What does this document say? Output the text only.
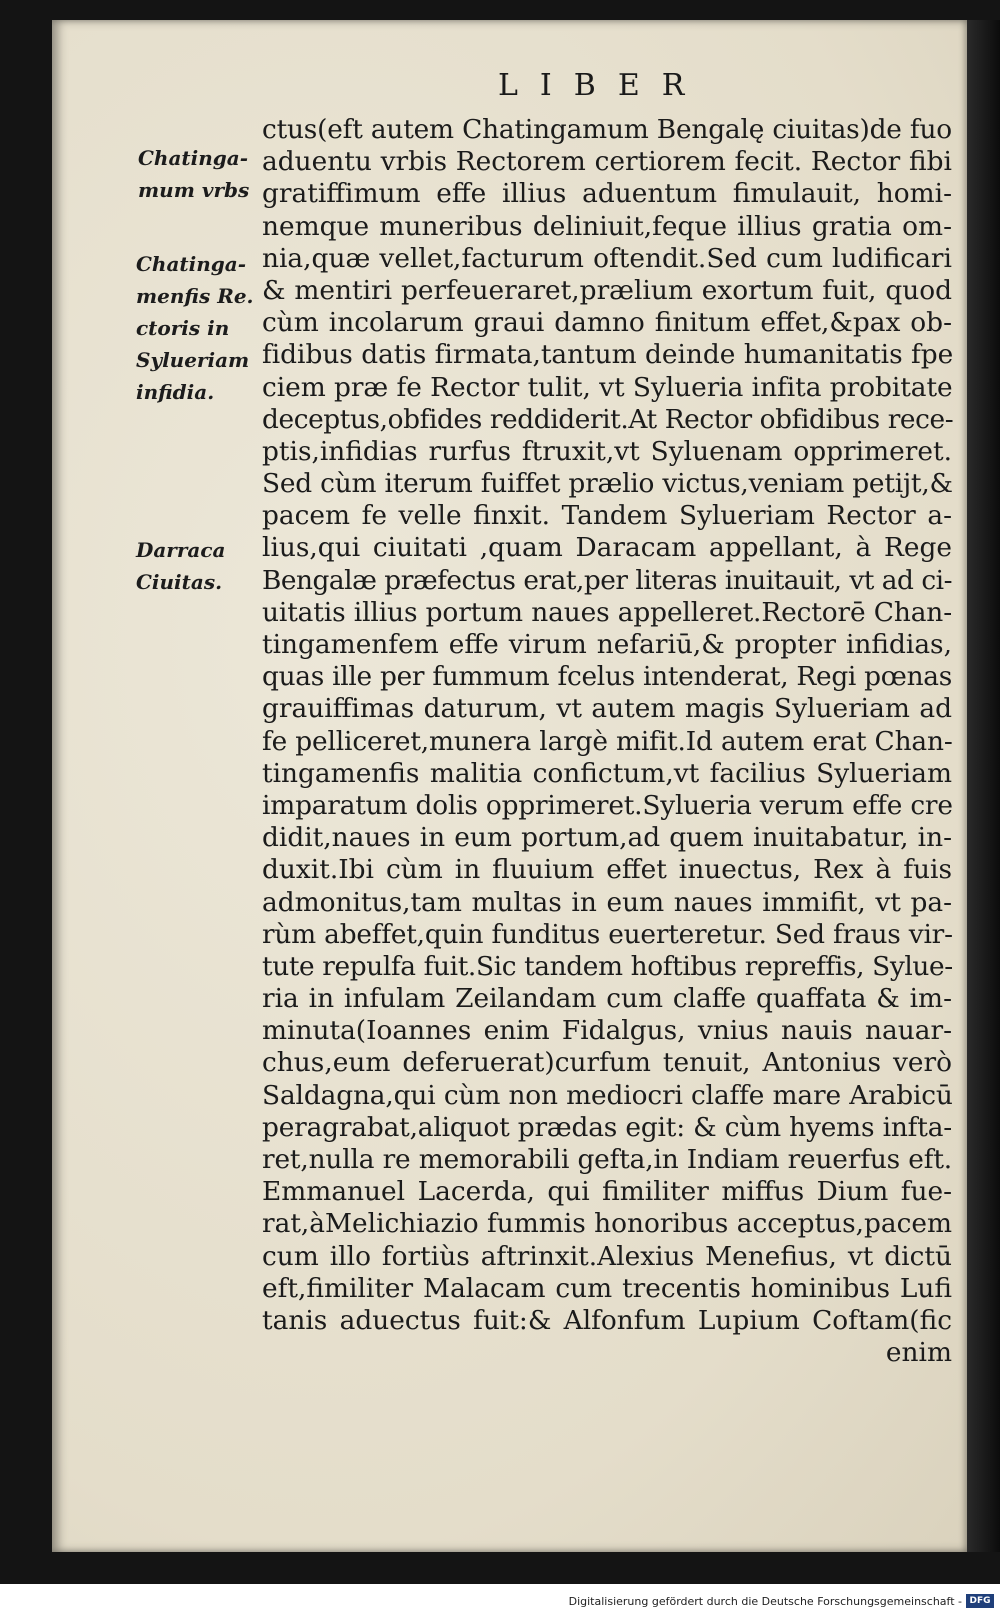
LIBER
Chatinga-
mum vrbs
Chatinga-
menfis Re.
ctoris in
Sylueriam
infidia.
Darraca
Ciuitas.
ctus(eft autem Chatingamum Bengalę ciuitas)de fuo
aduentu vrbis Rectorem certiorem fecit. Rector fibi
gratiffimum effe illius aduentum fimulauit, homi-
nemque muneribus deliniuit,feque illius gratia om-
nia,quæ vellet,facturum oftendit.Sed cum ludificari
& mentiri perfeueraret,prælium exortum fuit, quod
cùm incolarum graui damno finitum effet,&pax ob-
fidibus datis firmata,tantum deinde humanitatis fpe
ciem præ fe Rector tulit, vt Sylueria infita probitate
deceptus,obfides reddiderit.At Rector obfidibus rece-
ptis,infidias rurfus ftruxit,vt Syluenam opprimeret.
Sed cùm iterum fuiffet prælio victus,veniam petijt,&
pacem fe velle finxit. Tandem Sylueriam Rector a-
lius,qui ciuitati ,quam Daracam appellant, à Rege
Bengalæ præfectus erat,per literas inuitauit, vt ad ci-
uitatis illius portum naues appelleret.Rectorē Chan-
tingamenfem effe virum nefariū,& propter infidias,
quas ille per fummum fcelus intenderat, Regi pœnas
grauiffimas daturum, vt autem magis Sylueriam ad
fe pelliceret,munera largè mifit.Id autem erat Chan-
tingamenfis malitia confictum,vt facilius Sylueriam
imparatum dolis opprimeret.Sylueria verum effe cre
didit,naues in eum portum,ad quem inuitabatur, in-
duxit.Ibi cùm in fluuium effet inuectus, Rex à fuis
admonitus,tam multas in eum naues immifit, vt pa-
rùm abeffet,quin funditus euerteretur. Sed fraus vir-
tute repulfa fuit.Sic tandem hoftibus repreffis, Sylue-
ria in infulam Zeilandam cum claffe quaffata & im-
minuta(Ioannes enim Fidalgus, vnius nauis nauar-
chus,eum deferuerat)curfum tenuit, Antonius verò
Saldagna,qui cùm non mediocri claffe mare Arabicū
peragrabat,aliquot prædas egit: & cùm hyems infta-
ret,nulla re memorabili gefta,in Indiam reuerfus eft.
Emmanuel Lacerda, qui fimiliter miffus Dium fue-
rat,àMelichiazio fummis honoribus acceptus,pacem
cum illo fortiùs aftrinxit.Alexius Menefius, vt dictū
eft,fimiliter Malacam cum trecentis hominibus Lufi
tanis aduectus fuit:& Alfonfum Lupium Coftam(fic
enim
Digitalisierung gefördert durch die Deutsche Forschungsgemeinschaft - DFG
